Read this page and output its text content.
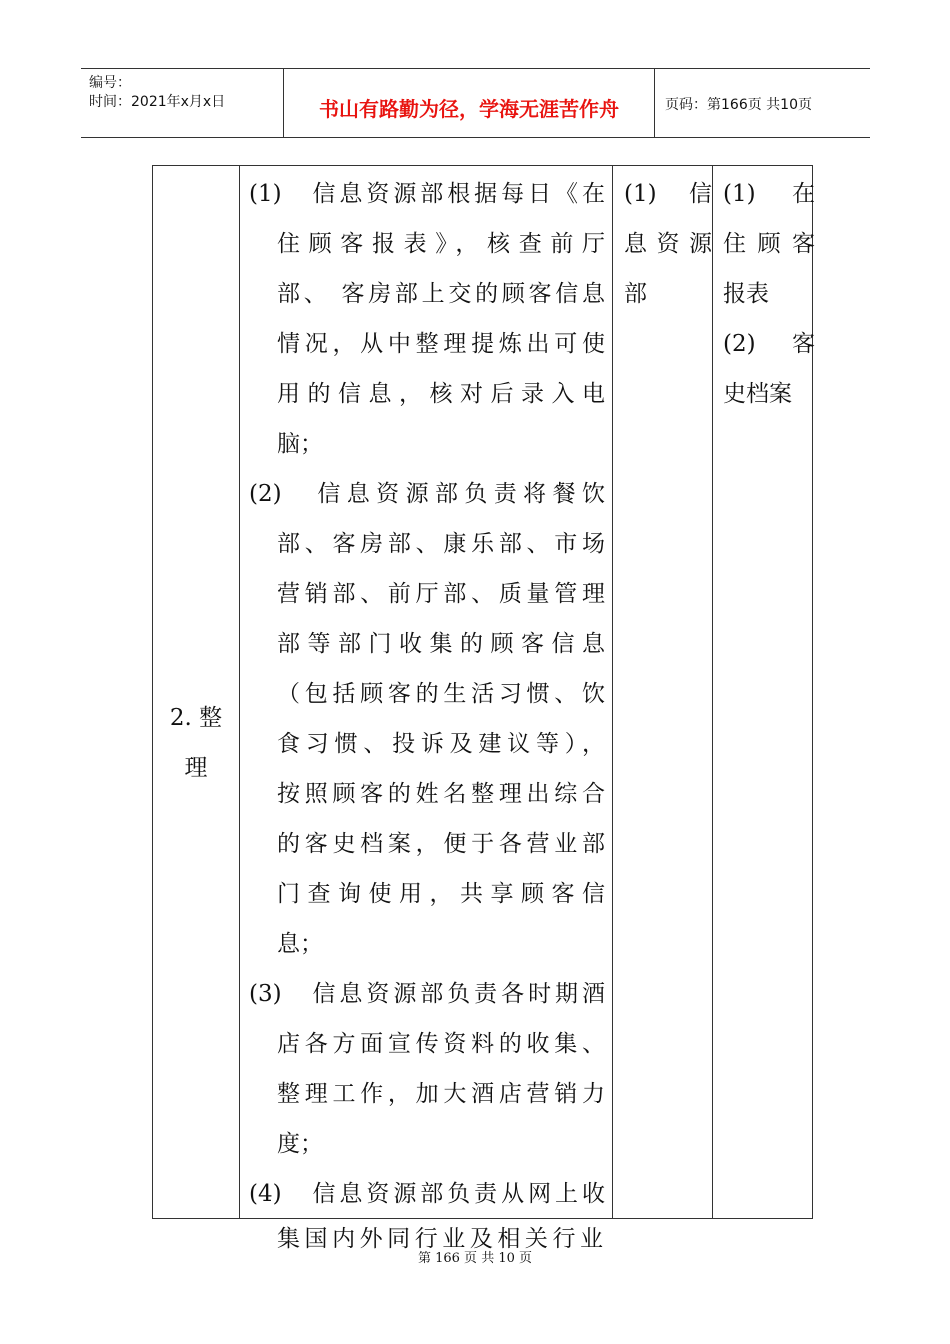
编号：
时间：2021年x月x日	书山有路勤为径，学海无涯苦作舟	页码：第166页 共10页
2. 整
理
(1)　信息资源部根据每日《在
住顾客报表》，核查前厅
部、 客房部上交的顾客信息
情况，从中整理提炼出可使
用的信息，核对后录入电
脑；
(2)　信息资源部负责将餐饮
部、客房部、康乐部、市场
营销部、前厅部、质量管理
部等部门收集的顾客信息
（包括顾客的生活习惯、饮
食习惯、投诉及建议等），
按照顾客的姓名整理出综合
的客史档案，便于各营业部
门查询使用，共享顾客信
息；
(3)　信息资源部负责各时期酒
店各方面宣传资料的收集、
整理工作，加大酒店营销力
度；
(4)　信息资源部负责从网上收
(1)　信
息资源
部
(1)　在
住顾客
报表
(2)　客
史档案
集国内外同行业及相关行业
第 166 页 共 10 页
